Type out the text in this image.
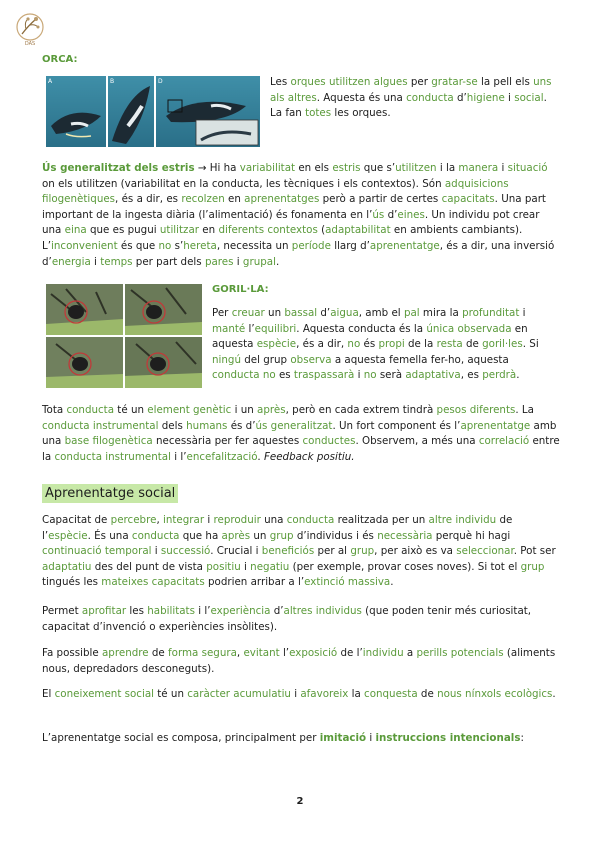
DAS
ORCA:
A	B	D	Les orques utilitzen algues per gratar-se la pell els uns als altres. Aquesta és una conducta d’higiene i social. La fan totes les orques.

Ús generalitzat dels estris → Hi ha variabilitat en els estris que s’utilitzen i la manera i situació on els utilitzen (variabilitat en la conducta, les tècniques i els contextos). Són adquisicions filogenètiques, és a dir, es recolzen en aprenentatges però a partir de certes capacitats. Una part important de la ingesta diària (l’alimentació) és fonamenta en l’ús d’eines. Un individu pot crear una eina que es pugui utilitzar en diferents contextos (adaptabilitat en ambients cambiants). L’inconvenient és que no s’hereta, necessita un període llarg d’aprenentatge, és a dir, una inversió d’energia i temps per part dels pares i grupal.

GORIL·LA:

Per creuar un bassal d’aigua, amb el pal mira la profunditat i manté l’equilibri. Aquesta conducta és la única observada en aquesta espècie, és a dir, no és propi de la resta de goril·les. Si ningú del grup observa a aquesta femella fer-ho, aquesta conducta no es traspassarà i no serà adaptativa, es perdrà.

Tota conducta té un element genètic i un après, però en cada extrem tindrà pesos diferents. La conducta instrumental dels humans és d’ús generalitzat. Un fort component és l’aprenentatge amb una base filogenètica necessària per fer aquestes conductes. Observem, a més una correlació entre la conducta instrumental i l’encefalització. Feedback positiu.

Aprenentatge social

Capacitat de percebre, integrar i reproduir una conducta realitzada per un altre individu de l’espècie. És una conducta que ha après un grup d’individus i és necessària perquè hi hagi continuació temporal i successió. Crucial i beneficiós per al grup, per això es va seleccionar. Pot ser adaptatiu des del punt de vista positiu i negatiu (per exemple, provar coses noves). Si tot el grup tingués les mateixes capacitats podrien arribar a l’extinció massiva.

Permet aprofitar les habilitats i l’experiència d’altres individus (que poden tenir més curiositat, capacitat d’invenció o experiències insòlites).

Fa possible aprendre de forma segura, evitant l’exposició de l’individu a perills potencials (aliments nous, depredadors desconeguts).

El coneixement social té un caràcter acumulatiu i afavoreix la conquesta de nous nínxols ecològics.

L’aprenentatge social es composa, principalment per imitació i instruccions intencionals:

2
